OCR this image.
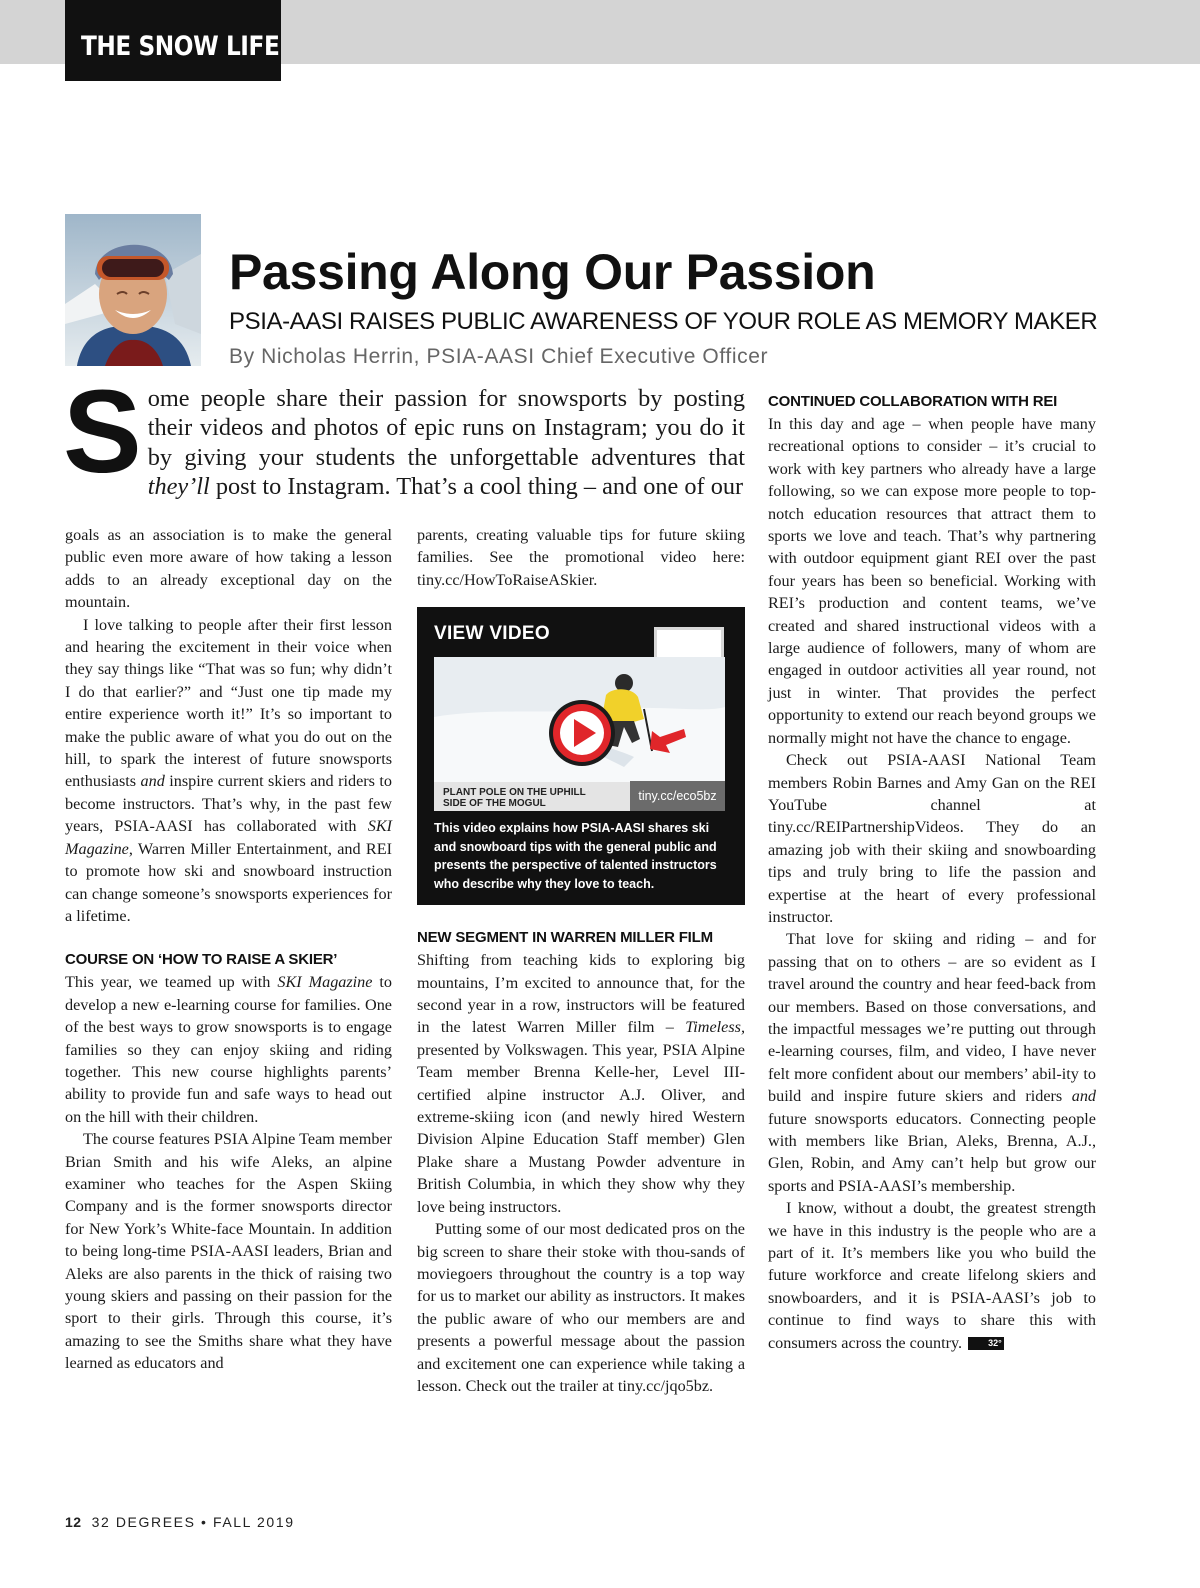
THE SNOW LIFE
Passing Along Our Passion

PSIA-AASI RAISES PUBLIC AWARENESS OF YOUR ROLE AS MEMORY MAKER

By Nicholas Herrin, PSIA-AASI Chief Executive Officer

Some people share their passion for snowsports by posting their videos and photos of epic runs on Instagram; you do it by giving your students the unforgettable adventures that they’ll post to Instagram. That’s a cool thing – and one of our

goals as an association is to make the general public even more aware of how taking a lesson adds to an already exceptional day on the mountain.

I love talking to people after their first lesson and hearing the excitement in their voice when they say things like “That was so fun; why didn’t I do that earlier?” and “Just one tip made my entire experience worth it!” It’s so important to make the public aware of what you do out on the hill, to spark the interest of future snowsports enthusiasts and inspire current skiers and riders to become instructors. That’s why, in the past few years, PSIA-AASI has collaborated with SKI Magazine, Warren Miller Entertainment, and REI to promote how ski and snowboard instruction can change someone’s snowsports experiences for a lifetime.

COURSE ON ‘HOW TO RAISE A SKIER’

This year, we teamed up with SKI Magazine to develop a new e-learning course for families. One of the best ways to grow snowsports is to engage families so they can enjoy skiing and riding together. This new course highlights parents’ ability to provide fun and safe ways to head out on the hill with their children.

The course features PSIA Alpine Team member Brian Smith and his wife Aleks, an alpine examiner who teaches for the Aspen Skiing Company and is the former snowsports director for New York’s White-face Mountain. In addition to being long-time PSIA-AASI leaders, Brian and Aleks are also parents in the thick of raising two young skiers and passing on their passion for the sport to their girls. Through this course, it’s amazing to see the Smiths share what they have learned as educators and

parents, creating valuable tips for future skiing families. See the promotional video here: tiny.cc/HowToRaiseASkier.

VIEW VIDEO
PLANT POLE ON THE UPHILL
SIDE OF THE MOGUL
tiny.cc/eco5bz
This video explains how PSIA-AASI shares ski and snowboard tips with the general public and presents the perspective of talented instructors who describe why they love to teach.
NEW SEGMENT IN WARREN MILLER FILM

Shifting from teaching kids to exploring big mountains, I’m excited to announce that, for the second year in a row, instructors will be featured in the latest Warren Miller film – Timeless, presented by Volkswagen. This year, PSIA Alpine Team member Brenna Kelle-her, Level III-certified alpine instructor A.J. Oliver, and extreme-skiing icon (and newly hired Western Division Alpine Education Staff member) Glen Plake share a Mustang Powder adventure in British Columbia, in which they show why they love being instructors.

Putting some of our most dedicated pros on the big screen to share their stoke with thou-sands of moviegoers throughout the country is a top way for us to market our ability as instructors. It makes the public aware of who our members are and presents a powerful message about the passion and excitement one can experience while taking a lesson. Check out the trailer at tiny.cc/jqo5bz.

CONTINUED COLLABORATION WITH REI

In this day and age – when people have many recreational options to consider – it’s crucial to work with key partners who already have a large following, so we can expose more people to top-notch education resources that attract them to sports we love and teach. That’s why partnering with outdoor equipment giant REI over the past four years has been so beneficial. Working with REI’s production and content teams, we’ve created and shared instructional videos with a large audience of followers, many of whom are engaged in outdoor activities all year round, not just in winter. That provides the perfect opportunity to extend our reach beyond groups we normally might not have the chance to engage.

Check out PSIA-AASI National Team members Robin Barnes and Amy Gan on the REI YouTube channel at tiny.cc/REIPartnershipVideos. They do an amazing job with their skiing and snowboarding tips and truly bring to life the passion and expertise at the heart of every professional instructor.

That love for skiing and riding – and for passing that on to others – are so evident as I travel around the country and hear feed-back from our members. Based on those conversations, and the impactful messages we’re putting out through e-learning courses, film, and video, I have never felt more confident about our members’ abil-ity to build and inspire future skiers and riders and future snowsports educators. Connecting people with members like Brian, Aleks, Brenna, A.J., Glen, Robin, and Amy can’t help but grow our sports and PSIA-AASI’s membership.

I know, without a doubt, the greatest strength we have in this industry is the people who are a part of it. It’s members like you who build the future workforce and create lifelong skiers and snowboarders, and it is PSIA-AASI’s job to continue to find ways to share this with consumers across the country.	32°

12 32 DEGREES • FALL 2019
